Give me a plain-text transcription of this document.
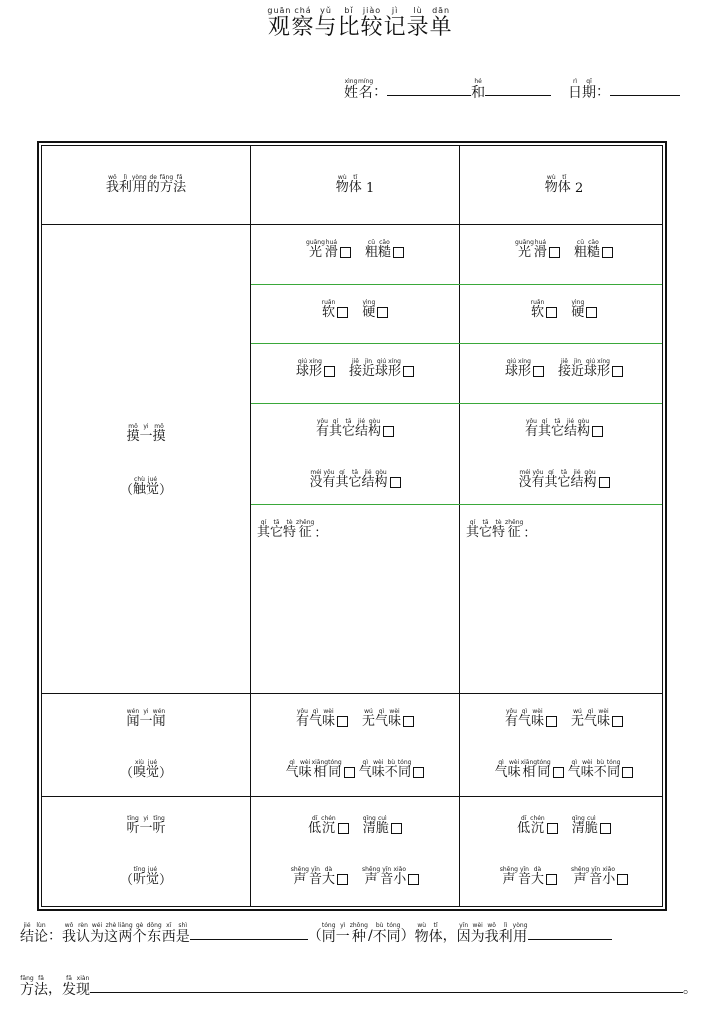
guān
观
chá
察
yǔ
与
bǐ
比
jiào
较
jì
记
lù
录
dān
单
xìng
姓
míng
名 ：
hé
和

rì
日
qī
期 ：
wǒ
我
lì
利
yòng
用
de
的
fāng
方
fǎ
法
wù
物
tǐ
体 1
wù
物
tǐ
体 2
mō
摸
yi
一
mō
摸
（
chù
触
jué
觉 ）
wén
闻
yi
一
wén
闻
（
xiù
嗅
jué
觉 ）
tīng
听
yi
一
tīng
听
（
tīng
听
jué
觉 ）
guāng
光
huá
滑
cū
粗
cāo
糙
ruǎn
软
yìng
硬
qiú
球
xíng
形
jiē
接
jìn
近
qiú
球
xíng
形
yǒu
有
qí
其
tā
它
jié
结
gòu
构
méi
没
yǒu
有
qí
其
tā
它
jié
结
gòu
构
qí
其
tā
它
tè
特
zhēng
征 ：
yǒu
有
qì
气
wèi
味
wú
无
qì
气
wèi
味
qì
气
wèi
味
xiāng
相
tóng
同
qì
气
wèi
味
bù
不
tóng
同
dī
低
chén
沉
qīng
清
cuì
脆
shēng
声
yīn
音
dà
大
shēng
声
yīn
音
xiǎo
小
guāng
光
huá
滑
cū
粗
cāo
糙
ruǎn
软
yìng
硬
qiú
球
xíng
形
jiē
接
jìn
近
qiú
球
xíng
形
yǒu
有
qí
其
tā
它
jié
结
gòu
构
méi
没
yǒu
有
qí
其
tā
它
jié
结
gòu
构
qí
其
tā
它
tè
特
zhēng
征 ：
yǒu
有
qì
气
wèi
味
wú
无
qì
气
wèi
味
qì
气
wèi
味
xiāng
相
tóng
同
qì
气
wèi
味
bù
不
tóng
同
dī
低
chén
沉
qīng
清
cuì
脆
shēng
声
yīn
音
dà
大
shēng
声
yīn
音
xiǎo
小
jié
结
lùn
论 ：
wǒ
我
rèn
认
wéi
为
zhè
这
liǎng
两
gè
个
dōng
东
xī
西
shì
是	（
tóng
同
yì
一
zhǒng
种 /
bù
不
tóng
同 ）
wù
物
tǐ
体 ，
yīn
因
wèi
为
wǒ
我
lì
利
yòng
用
fāng
方
fǎ
法 ，
fā
发
xiàn
现	。
